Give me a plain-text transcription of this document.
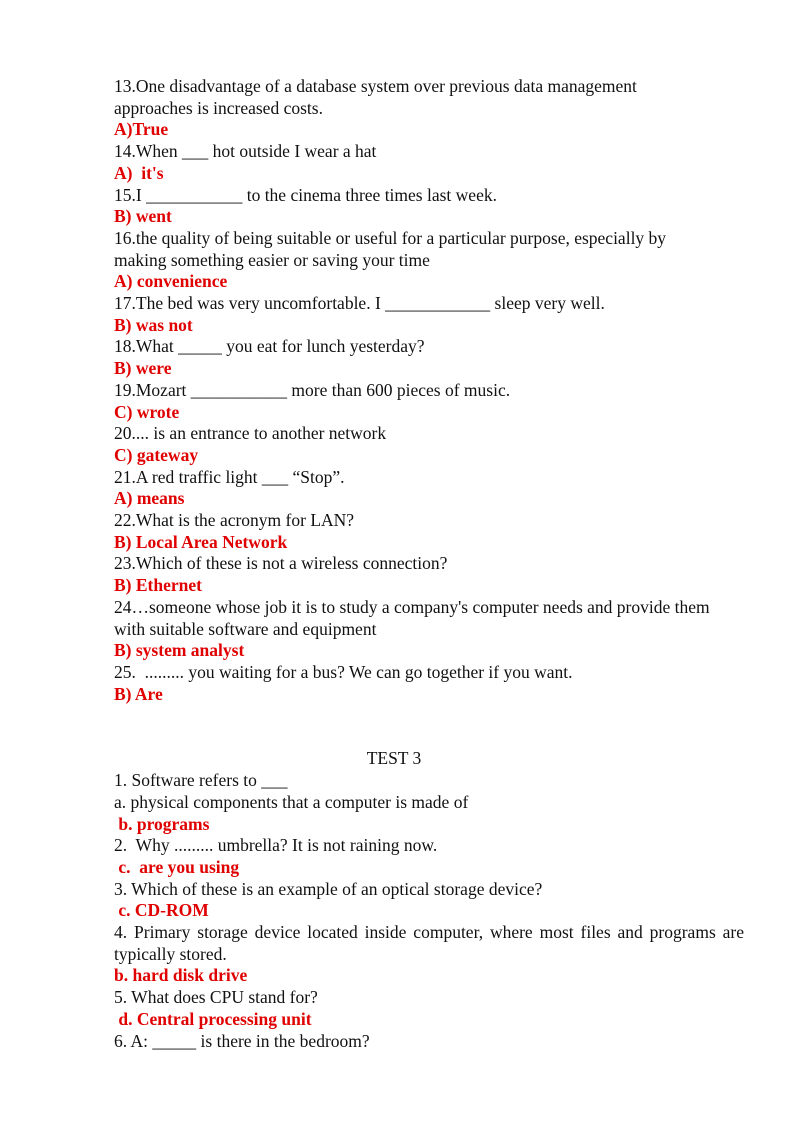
13.One disadvantage of a database system over previous data management approaches is increased costs.
A)True
14.When ___ hot outside I wear a hat
A)  it's
15.I ___________ to the cinema three times last week.
B) went
16.the quality of being suitable or useful for a particular purpose, especially by making something easier or saving your time
A) convenience
17.The bed was very uncomfortable. I ____________ sleep very well.
B) was not
18.What _____ you eat for lunch yesterday?
B) were
19.Mozart ___________ more than 600 pieces of music.
C) wrote
20.... is an entrance to another network
C) gateway
21.A red traffic light ___ “Stop”.
A) means
22.What is the acronym for LAN?
B) Local Area Network
23.Which of these is not a wireless connection?
B) Ethernet
24…someone whose job it is to study a company's computer needs and provide them with suitable software and equipment
B) system analyst
25.  ......... you waiting for a bus? We can go together if you want.
B) Are
TEST 3
1. Software refers to ___
a. physical components that a computer is made of
b. programs
2.  Why ......... umbrella? It is not raining now.
c.  are you using
3. Which of these is an example of an optical storage device?
c. CD-ROM
4. Primary storage device located inside computer, where most files and programs are typically stored.
b. hard disk drive
5. What does CPU stand for?
d. Central processing unit
6. A: _____ is there in the bedroom?
